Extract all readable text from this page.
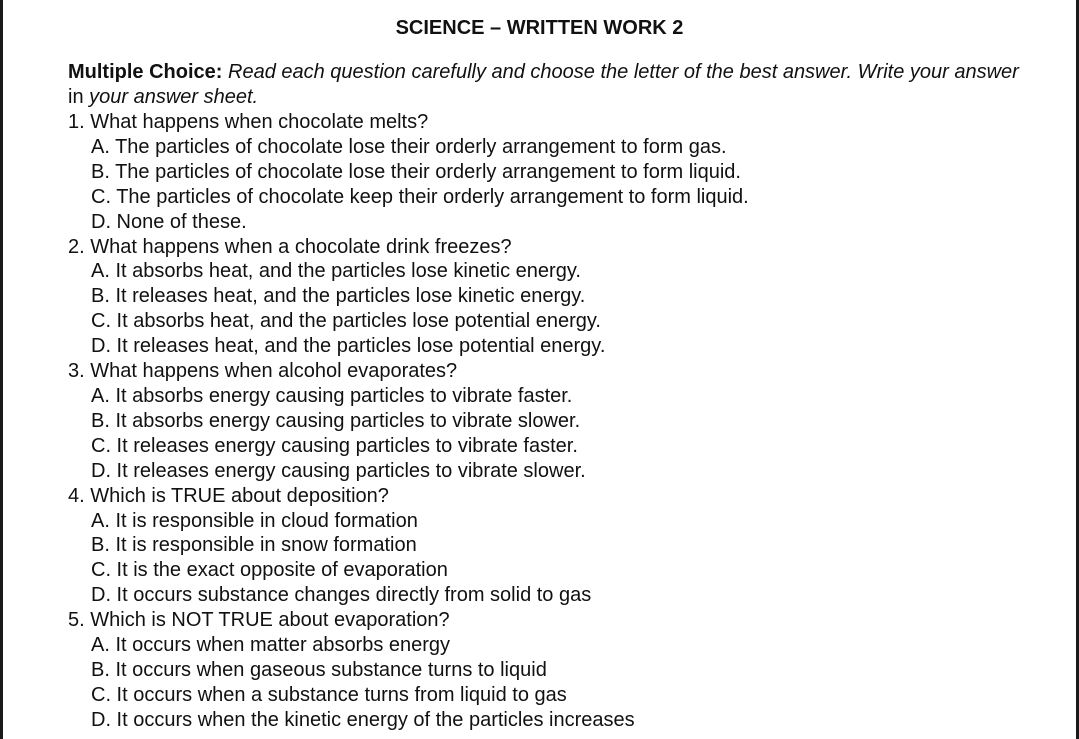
SCIENCE – WRITTEN WORK 2
Multiple Choice: Read each question carefully and choose the letter of the best answer. Write your answer in your answer sheet.
1. What happens when chocolate melts?
A. The particles of chocolate lose their orderly arrangement to form gas.
B. The particles of chocolate lose their orderly arrangement to form liquid.
C. The particles of chocolate keep their orderly arrangement to form liquid.
D. None of these.
2. What happens when a chocolate drink freezes?
A. It absorbs heat, and the particles lose kinetic energy.
B. It releases heat, and the particles lose kinetic energy.
C. It absorbs heat, and the particles lose potential energy.
D. It releases heat, and the particles lose potential energy.
3. What happens when alcohol evaporates?
A. It absorbs energy causing particles to vibrate faster.
B. It absorbs energy causing particles to vibrate slower.
C. It releases energy causing particles to vibrate faster.
D. It releases energy causing particles to vibrate slower.
4. Which is TRUE about deposition?
A. It is responsible in cloud formation
B. It is responsible in snow formation
C. It is the exact opposite of evaporation
D. It occurs substance changes directly from solid to gas
5. Which is NOT TRUE about evaporation?
A. It occurs when matter absorbs energy
B. It occurs when gaseous substance turns to liquid
C. It occurs when a substance turns from liquid to gas
D. It occurs when the kinetic energy of the particles increases
